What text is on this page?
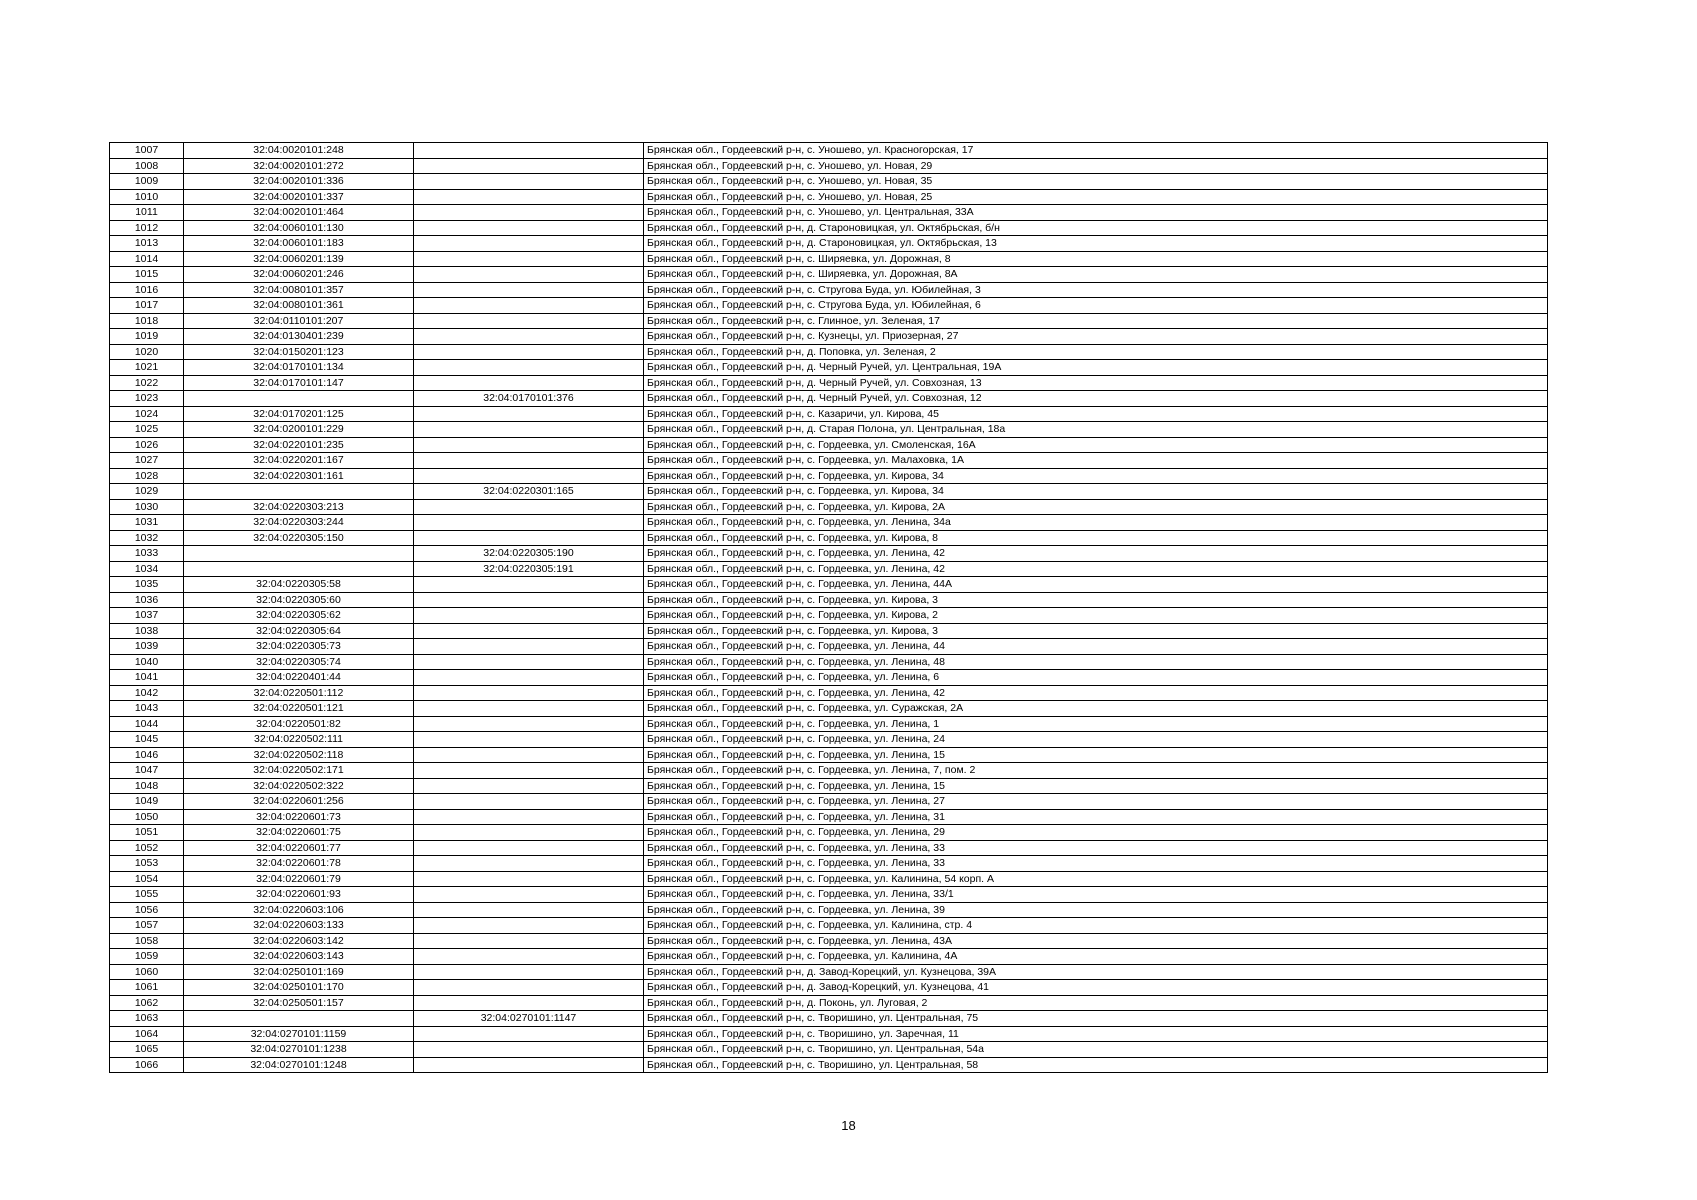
1007	32:04:0020101:248		Брянская обл., Гордеевский р-н, с. Уношево, ул. Красногорская, 17
1008	32:04:0020101:272		Брянская обл., Гордеевский р-н, с. Уношево, ул. Новая, 29
1009	32:04:0020101:336		Брянская обл., Гордеевский р-н, с. Уношево, ул. Новая, 35
1010	32:04:0020101:337		Брянская обл., Гордеевский р-н, с. Уношево, ул. Новая, 25
1011	32:04:0020101:464		Брянская обл., Гордеевский р-н, с. Уношево, ул. Центральная, 33А
1012	32:04:0060101:130		Брянская обл., Гордеевский р-н, д. Староновицкая, ул. Октябрьская, б/н
1013	32:04:0060101:183		Брянская обл., Гордеевский р-н, д. Староновицкая, ул. Октябрьская, 13
1014	32:04:0060201:139		Брянская обл., Гордеевский р-н, с. Ширяевка, ул. Дорожная, 8
1015	32:04:0060201:246		Брянская обл., Гордеевский р-н, с. Ширяевка, ул. Дорожная, 8А
1016	32:04:0080101:357		Брянская обл., Гордеевский р-н, с. Стругова Буда, ул. Юбилейная, 3
1017	32:04:0080101:361		Брянская обл., Гордеевский р-н, с. Стругова Буда, ул. Юбилейная, 6
1018	32:04:0110101:207		Брянская обл., Гордеевский р-н, с. Глинное, ул. Зеленая, 17
1019	32:04:0130401:239		Брянская обл., Гордеевский р-н, с. Кузнецы, ул. Приозерная, 27
1020	32:04:0150201:123		Брянская обл., Гордеевский р-н, д. Поповка, ул. Зеленая, 2
1021	32:04:0170101:134		Брянская обл., Гордеевский р-н, д. Черный Ручей, ул. Центральная, 19А
1022	32:04:0170101:147		Брянская обл., Гордеевский р-н, д. Черный Ручей, ул. Совхозная, 13
1023		32:04:0170101:376	Брянская обл., Гордеевский р-н, д. Черный Ручей, ул. Совхозная, 12
1024	32:04:0170201:125		Брянская обл., Гордеевский р-н, с. Казаричи, ул. Кирова, 45
1025	32:04:0200101:229		Брянская обл., Гордеевский р-н, д. Старая Полона, ул. Центральная, 18а
1026	32:04:0220101:235		Брянская обл., Гордеевский р-н, с. Гордеевка, ул. Смоленская, 16А
1027	32:04:0220201:167		Брянская обл., Гордеевский р-н, с. Гордеевка, ул. Малаховка, 1А
1028	32:04:0220301:161		Брянская обл., Гордеевский р-н, с. Гордеевка, ул. Кирова, 34
1029		32:04:0220301:165	Брянская обл., Гордеевский р-н, с. Гордеевка, ул. Кирова, 34
1030	32:04:0220303:213		Брянская обл., Гордеевский р-н, с. Гордеевка, ул. Кирова, 2А
1031	32:04:0220303:244		Брянская обл., Гордеевский р-н, с. Гордеевка, ул. Ленина, 34а
1032	32:04:0220305:150		Брянская обл., Гордеевский р-н, с. Гордеевка, ул. Кирова, 8
1033		32:04:0220305:190	Брянская обл., Гордеевский р-н, с. Гордеевка, ул. Ленина, 42
1034		32:04:0220305:191	Брянская обл., Гордеевский р-н, с. Гордеевка, ул. Ленина, 42
1035	32:04:0220305:58		Брянская обл., Гордеевский р-н, с. Гордеевка, ул. Ленина, 44А
1036	32:04:0220305:60		Брянская обл., Гордеевский р-н, с. Гордеевка, ул. Кирова, 3
1037	32:04:0220305:62		Брянская обл., Гордеевский р-н, с. Гордеевка, ул. Кирова, 2
1038	32:04:0220305:64		Брянская обл., Гордеевский р-н, с. Гордеевка, ул. Кирова, 3
1039	32:04:0220305:73		Брянская обл., Гордеевский р-н, с. Гордеевка, ул. Ленина, 44
1040	32:04:0220305:74		Брянская обл., Гордеевский р-н, с. Гордеевка, ул. Ленина, 48
1041	32:04:0220401:44		Брянская обл., Гордеевский р-н, с. Гордеевка, ул. Ленина, 6
1042	32:04:0220501:112		Брянская обл., Гордеевский р-н, с. Гордеевка, ул. Ленина, 42
1043	32:04:0220501:121		Брянская обл., Гордеевский р-н, с. Гордеевка, ул. Суражская, 2А
1044	32:04:0220501:82		Брянская обл., Гордеевский р-н, с. Гордеевка, ул. Ленина, 1
1045	32:04:0220502:111		Брянская обл., Гордеевский р-н, с. Гордеевка, ул. Ленина, 24
1046	32:04:0220502:118		Брянская обл., Гордеевский р-н, с. Гордеевка, ул. Ленина, 15
1047	32:04:0220502:171		Брянская обл., Гордеевский р-н, с. Гордеевка, ул. Ленина, 7, пом. 2
1048	32:04:0220502:322		Брянская обл., Гордеевский р-н, с. Гордеевка, ул. Ленина, 15
1049	32:04:0220601:256		Брянская обл., Гордеевский р-н, с. Гордеевка, ул. Ленина, 27
1050	32:04:0220601:73		Брянская обл., Гордеевский р-н, с. Гордеевка, ул. Ленина, 31
1051	32:04:0220601:75		Брянская обл., Гордеевский р-н, с. Гордеевка, ул. Ленина, 29
1052	32:04:0220601:77		Брянская обл., Гордеевский р-н, с. Гордеевка, ул. Ленина, 33
1053	32:04:0220601:78		Брянская обл., Гордеевский р-н, с. Гордеевка, ул. Ленина, 33
1054	32:04:0220601:79		Брянская обл., Гордеевский р-н, с. Гордеевка, ул. Калинина, 54 корп. А
1055	32:04:0220601:93		Брянская обл., Гордеевский р-н, с. Гордеевка, ул. Ленина, 33/1
1056	32:04:0220603:106		Брянская обл., Гордеевский р-н, с. Гордеевка, ул. Ленина, 39
1057	32:04:0220603:133		Брянская обл., Гордеевский р-н, с. Гордеевка, ул. Калинина, стр. 4
1058	32:04:0220603:142		Брянская обл., Гордеевский р-н, с. Гордеевка, ул. Ленина, 43А
1059	32:04:0220603:143		Брянская обл., Гордеевский р-н, с. Гордеевка, ул. Калинина, 4А
1060	32:04:0250101:169		Брянская обл., Гордеевский р-н, д. Завод-Корецкий, ул. Кузнецова, 39А
1061	32:04:0250101:170		Брянская обл., Гордеевский р-н, д. Завод-Корецкий, ул. Кузнецова, 41
1062	32:04:0250501:157		Брянская обл., Гордеевский р-н, д. Поконь, ул. Луговая, 2
1063		32:04:0270101:1147	Брянская обл., Гордеевский р-н, с. Творишино, ул. Центральная, 75
1064	32:04:0270101:1159		Брянская обл., Гордеевский р-н, с. Творишино, ул. Заречная, 11
1065	32:04:0270101:1238		Брянская обл., Гордеевский р-н, с. Творишино, ул. Центральная, 54а
1066	32:04:0270101:1248		Брянская обл., Гордеевский р-н, с. Творишино, ул. Центральная, 58
18
